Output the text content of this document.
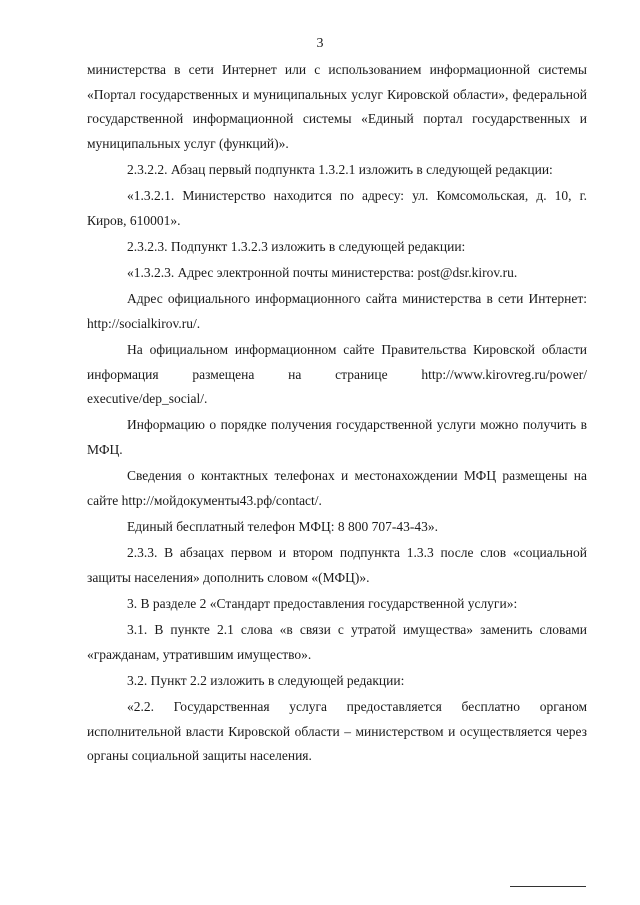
3

министерства в сети Интернет или с использованием информационной системы «Портал государственных и муниципальных услуг Кировской области», федеральной государственной информационной системы «Единый портал государственных и муниципальных услуг (функций)».

2.3.2.2. Абзац первый подпункта 1.3.2.1 изложить в следующей редакции:

«1.3.2.1. Министерство находится по адресу: ул. Комсомольская, д. 10, г. Киров, 610001».

2.3.2.3. Подпункт 1.3.2.3 изложить в следующей редакции:

«1.3.2.3. Адрес электронной почты министерства: post@dsr.kirov.ru.

Адрес официального информационного сайта министерства в сети Интернет: http://socialkirov.ru/.

На официальном информационном сайте Правительства Кировской области информация размещена на странице http://www.kirovreg.ru/power/ executive/dep_social/.

Информацию о порядке получения государственной услуги можно получить в МФЦ.

Сведения о контактных телефонах и местонахождении МФЦ размещены на сайте http://мойдокументы43.рф/contact/.

Единый бесплатный телефон МФЦ: 8 800 707-43-43».

2.3.3. В абзацах первом и втором подпункта 1.3.3 после слов «социальной защиты населения» дополнить словом «(МФЦ)».

3. В разделе 2 «Стандарт предоставления государственной услуги»:

3.1. В пункте 2.1 слова «в связи с утратой имущества» заменить словами «гражданам, утратившим имущество».

3.2. Пункт 2.2 изложить в следующей редакции:

«2.2. Государственная услуга предоставляется бесплатно органом исполнительной власти Кировской области – министерством и осуществляется через органы социальной защиты населения.
